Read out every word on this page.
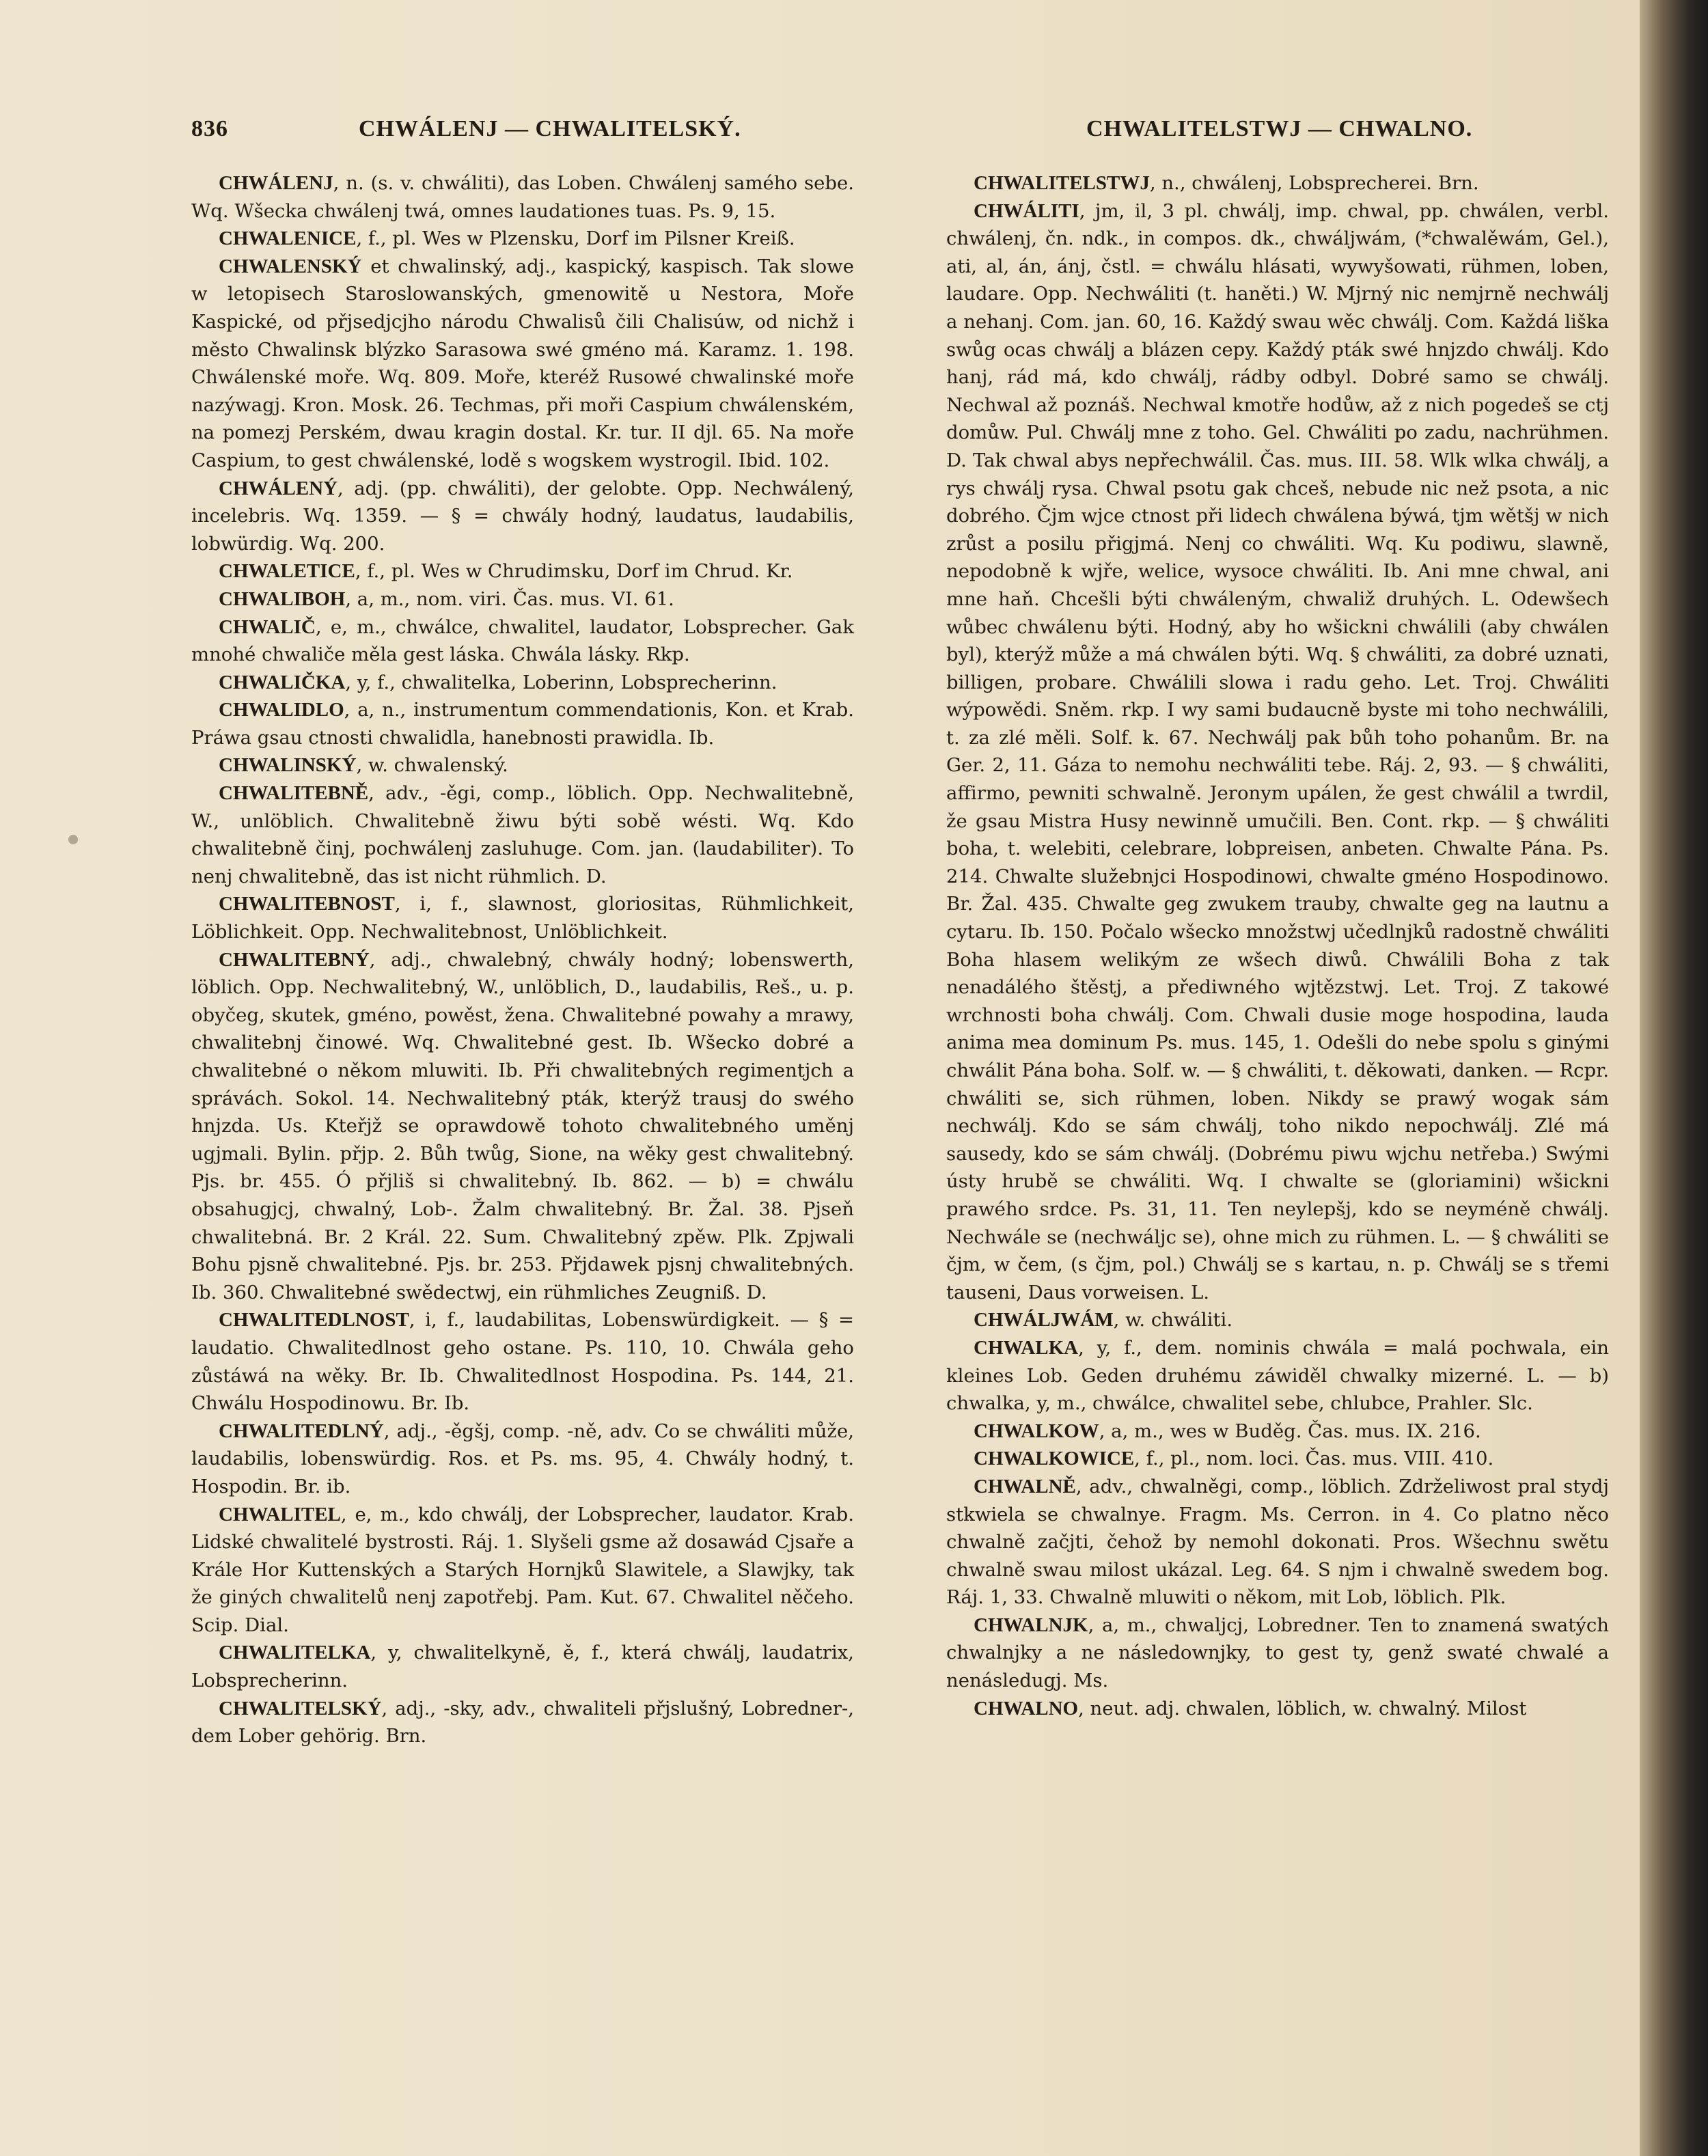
836	CHWÁLENJ — CHWALITELSKÝ.	CHWALITELSTWJ — CHWALNO.

CHWÁLENJ, n. (s. v. chwáliti), das Loben. Chwálenj samého sebe. Wq. Wšecka chwálenj twá, omnes laudationes tuas. Ps. 9, 15.

CHWALENICE, f., pl. Wes w Plzensku, Dorf im Pilsner Kreiß.

CHWALENSKÝ et chwalinský, adj., kaspický, kaspisch. Tak slowe w letopisech Staroslowanských, gmenowitě u Nestora, Moře Kaspické, od přjsedjcjho národu Chwalisů čili Chalisúw, od nichž i město Chwalinsk blýzko Sarasowa swé gméno má. Karamz. 1. 198. Chwálenské moře. Wq. 809. Moře, kteréž Rusowé chwalinské moře nazýwagj. Kron. Mosk. 26. Techmas, při moři Caspium chwálenském, na pomezj Perském, dwau kragin dostal. Kr. tur. II djl. 65. Na moře Caspium, to gest chwálenské, lodě s wogskem wystrogil. Ibid. 102.

CHWÁLENÝ, adj. (pp. chwáliti), der gelobte. Opp. Nechwálený, incelebris. Wq. 1359. — § = chwály hodný, laudatus, laudabilis, lobwürdig. Wq. 200.

CHWALETICE, f., pl. Wes w Chrudimsku, Dorf im Chrud. Kr.

CHWALIBOH, a, m., nom. viri. Čas. mus. VI. 61.

CHWALIČ, e, m., chwálce, chwalitel, laudator, Lobsprecher. Gak mnohé chwaliče měla gest láska. Chwála lásky. Rkp.

CHWALIČKA, y, f., chwalitelka, Loberinn, Lobsprecherinn.

CHWALIDLO, a, n., instrumentum commendationis, Kon. et Krab. Práwa gsau ctnosti chwalidla, hanebnosti prawidla. Ib.

CHWALINSKÝ, w. chwalenský.

CHWALITEBNĚ, adv., -ěgi, comp., löblich. Opp. Nechwalitebně, W., unlöblich. Chwalitebně žiwu býti sobě wésti. Wq. Kdo chwalitebně činj, pochwálenj zasluhuge. Com. jan. (laudabiliter). To nenj chwalitebně, das ist nicht rühmlich. D.

CHWALITEBNOST, i, f., slawnost, gloriositas, Rühmlichkeit, Löblichkeit. Opp. Nechwalitebnost, Unlöblichkeit.

CHWALITEBNÝ, adj., chwalebný, chwály hodný; lobenswerth, löblich. Opp. Nechwalitebný, W., unlöblich, D., laudabilis, Reš., u. p. obyčeg, skutek, gméno, powěst, žena. Chwalitebné powahy a mrawy, chwalitebnj činowé. Wq. Chwalitebné gest. Ib. Wšecko dobré a chwalitebné o někom mluwiti. Ib. Při chwalitebných regimentjch a správách. Sokol. 14. Nechwalitebný pták, kterýž trausj do swého hnjzda. Us. Kteřjž se oprawdowě tohoto chwalitebného uměnj ugjmali. Bylin. přjp. 2. Bůh twůg, Sione, na wěky gest chwalitebný. Pjs. br. 455. Ó přjliš si chwalitebný. Ib. 862. — b) = chwálu obsahugjcj, chwalný, Lob-. Žalm chwalitebný. Br. Žal. 38. Pjseň chwalitebná. Br. 2 Král. 22. Sum. Chwalitebný zpěw. Plk. Zpjwali Bohu pjsně chwalitebné. Pjs. br. 253. Přjdawek pjsnj chwalitebných. Ib. 360. Chwalitebné swědectwj, ein rühmliches Zeugniß. D.

CHWALITEDLNOST, i, f., laudabilitas, Lobenswürdigkeit. — § = laudatio. Chwalitedlnost geho ostane. Ps. 110, 10. Chwála geho zůstáwá na wěky. Br. Ib. Chwalitedlnost Hospodina. Ps. 144, 21. Chwálu Hospodinowu. Br. Ib.

CHWALITEDLNÝ, adj., -ěgšj, comp. -ně, adv. Co se chwáliti může, laudabilis, lobenswürdig. Ros. et Ps. ms. 95, 4. Chwály hodný, t. Hospodin. Br. ib.

CHWALITEL, e, m., kdo chwálj, der Lobsprecher, laudator. Krab. Lidské chwalitelé bystrosti. Ráj. 1. Slyšeli gsme až dosawád Cjsaře a Krále Hor Kuttenských a Starých Hornjků Slawitele, a Slawjky, tak že giných chwalitelů nenj zapotřebj. Pam. Kut. 67. Chwalitel něčeho. Scip. Dial.

CHWALITELKA, y, chwalitelkyně, ě, f., která chwálj, laudatrix, Lobsprecherinn.

CHWALITELSKÝ, adj., -sky, adv., chwaliteli přjslušný, Lobredner-, dem Lober gehörig. Brn.

CHWALITELSTWJ, n., chwálenj, Lobsprecherei. Brn.

CHWÁLITI, jm, il, 3 pl. chwálj, imp. chwal, pp. chwálen, verbl. chwálenj, čn. ndk., in compos. dk., chwáljwám, (*chwalěwám, Gel.), ati, al, án, ánj, čstl. = chwálu hlásati, wywyšowati, rühmen, loben, laudare. Opp. Nechwáliti (t. haněti.) W. Mjrný nic nemjrně nechwálj a nehanj. Com. jan. 60, 16. Každý swau wěc chwálj. Com. Každá liška swůg ocas chwálj a blázen cepy. Každý pták swé hnjzdo chwálj. Kdo hanj, rád má, kdo chwálj, rádby odbyl. Dobré samo se chwálj. Nechwal až poznáš. Nechwal kmotře hodůw, až z nich pogedeš se ctj domůw. Pul. Chwálj mne z toho. Gel. Chwáliti po zadu, nachrühmen. D. Tak chwal abys nepřechwálil. Čas. mus. III. 58. Wlk wlka chwálj, a rys chwálj rysa. Chwal psotu gak chceš, nebude nic než psota, a nic dobrého. Čjm wjce ctnost při lidech chwálena býwá, tjm wětšj w nich zrůst a posilu přigjmá. Nenj co chwáliti. Wq. Ku podiwu, slawně, nepodobně k wjře, welice, wysoce chwáliti. Ib. Ani mne chwal, ani mne haň. Chcešli býti chwáleným, chwaliž druhých. L. Odewšech wůbec chwálenu býti. Hodný, aby ho wšickni chwálili (aby chwálen byl), kterýž může a má chwálen býti. Wq. § chwáliti, za dobré uznati, billigen, probare. Chwálili slowa i radu geho. Let. Troj. Chwáliti wýpowědi. Sněm. rkp. I wy sami budaucně byste mi toho nechwálili, t. za zlé měli. Solf. k. 67. Nechwálj pak bůh toho pohanům. Br. na Ger. 2, 11. Gáza to nemohu nechwáliti tebe. Ráj. 2, 93. — § chwáliti, affirmo, pewniti schwalně. Jeronym upálen, že gest chwálil a twrdil, že gsau Mistra Husy newinně umučili. Ben. Cont. rkp. — § chwáliti boha, t. welebiti, celebrare, lobpreisen, anbeten. Chwalte Pána. Ps. 214. Chwalte služebnjci Hospodinowi, chwalte gméno Hospodinowo. Br. Žal. 435. Chwalte geg zwukem trauby, chwalte geg na lautnu a cytaru. Ib. 150. Počalo wšecko množstwj učedlnjků radostně chwáliti Boha hlasem welikým ze wšech diwů. Chwálili Boha z tak nenadálého štěstj, a přediwného wjtězstwj. Let. Troj. Z takowé wrchnosti boha chwálj. Com. Chwali dusie moge hospodina, lauda anima mea dominum Ps. mus. 145, 1. Odešli do nebe spolu s ginými chwálit Pána boha. Solf. w. — § chwáliti, t. děkowati, danken. — Rcpr. chwáliti se, sich rühmen, loben. Nikdy se prawý wogak sám nechwálj. Kdo se sám chwálj, toho nikdo nepochwálj. Zlé má sausedy, kdo se sám chwálj. (Dobrému piwu wjchu netřeba.) Swými ústy hrubě se chwáliti. Wq. I chwalte se (gloriamini) wšickni prawého srdce. Ps. 31, 11. Ten neylepšj, kdo se neyméně chwálj. Nechwále se (nechwáljc se), ohne mich zu rühmen. L. — § chwáliti se čjm, w čem, (s čjm, pol.) Chwálj se s kartau, n. p. Chwálj se s třemi tauseni, Daus vorweisen. L.

CHWÁLJWÁM, w. chwáliti.

CHWALKA, y, f., dem. nominis chwála = malá pochwala, ein kleines Lob. Geden druhému záwiděl chwalky mizerné. L. — b) chwalka, y, m., chwálce, chwalitel sebe, chlubce, Prahler. Slc.

CHWALKOW, a, m., wes w Buděg. Čas. mus. IX. 216.

CHWALKOWICE, f., pl., nom. loci. Čas. mus. VIII. 410.

CHWALNĚ, adv., chwalněgi, comp., löblich. Zdrželiwost pral stydj stkwiela se chwalnye. Fragm. Ms. Cerron. in 4. Co platno něco chwalně začjti, čehož by nemohl dokonati. Pros. Wšechnu swětu chwalně swau milost ukázal. Leg. 64. S njm i chwalně swedem bog. Ráj. 1, 33. Chwalně mluwiti o někom, mit Lob, löblich. Plk.

CHWALNJK, a, m., chwaljcj, Lobredner. Ten to znamená swatých chwalnjky a ne následownjky, to gest ty, genž swaté chwalé a nenásledugj. Ms.

CHWALNO, neut. adj. chwalen, löblich, w. chwalný. Milost
